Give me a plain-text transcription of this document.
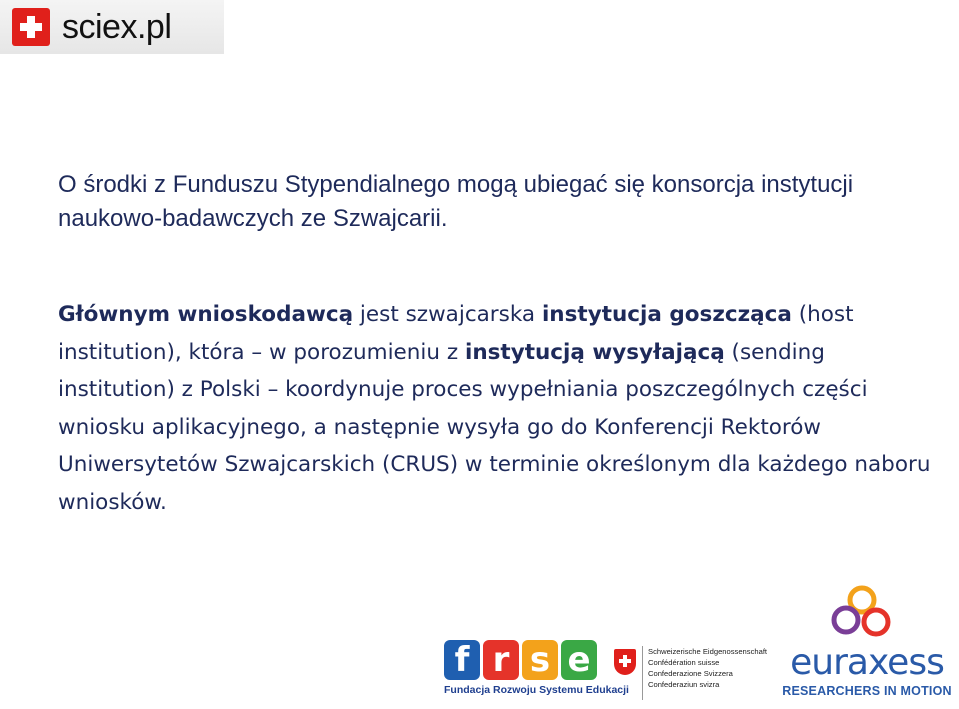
sciex.pl

O środki z Funduszu Stypendialnego mogą ubiegać się konsorcja instytucji naukowo-badawczych ze Szwajcarii.

Głównym wnioskodawcą jest szwajcarska instytucja goszcząca (host institution), która – w porozumieniu z instytucją wysyłającą (sending institution) z Polski – koordynuje proces wypełniania poszczególnych części wniosku aplikacyjnego, a następnie wysyła go do Konferencji Rektorów Uniwersytetów Szwajcarskich (CRUS) w terminie określonym dla każdego naboru wniosków.

f r s e
Fundacja Rozwoju Systemu Edukacji
Schweizerische Eidgenossenschaft
Confédération suisse
Confederazione Svizzera
Confederaziun svizra
euraxess
RESEARCHERS IN MOTION
